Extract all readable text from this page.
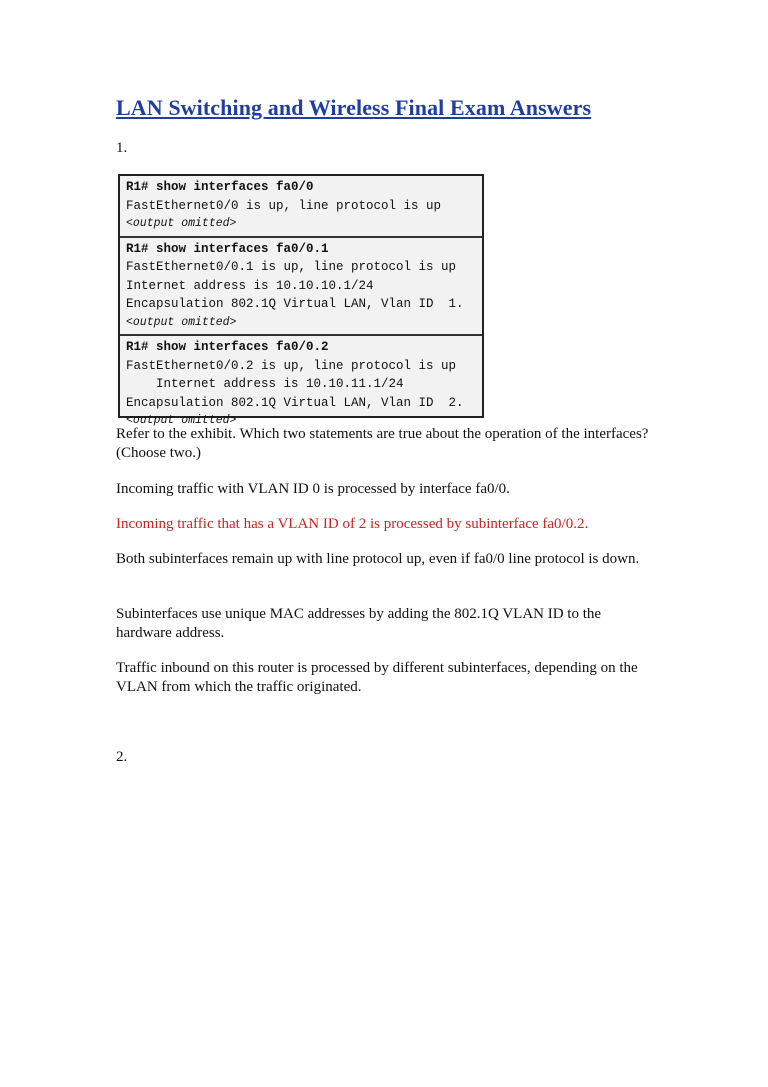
LAN Switching and Wireless Final Exam Answers
1.
R1# show interfaces fa0/0
FastEthernet0/0 is up, line protocol is up
<output omitted>
R1# show interfaces fa0/0.1
FastEthernet0/0.1 is up, line protocol is up
Internet address is 10.10.10.1/24
Encapsulation 802.1Q Virtual LAN, Vlan ID  1.
<output omitted>
R1# show interfaces fa0/0.2
FastEthernet0/0.2 is up, line protocol is up
Internet address is 10.10.11.1/24
Encapsulation 802.1Q Virtual LAN, Vlan ID  2.
<output omitted>
Refer to the exhibit. Which two statements are true about the operation of the interfaces? (Choose two.)
Incoming traffic with VLAN ID 0 is processed by interface fa0/0.
Incoming traffic that has a VLAN ID of 2 is processed by subinterface fa0/0.2.
Both subinterfaces remain up with line protocol up, even if fa0/0 line protocol is down.
Subinterfaces use unique MAC addresses by adding the 802.1Q VLAN ID to the hardware address.
Traffic inbound on this router is processed by different subinterfaces, depending on the VLAN from which the traffic originated.
2.
